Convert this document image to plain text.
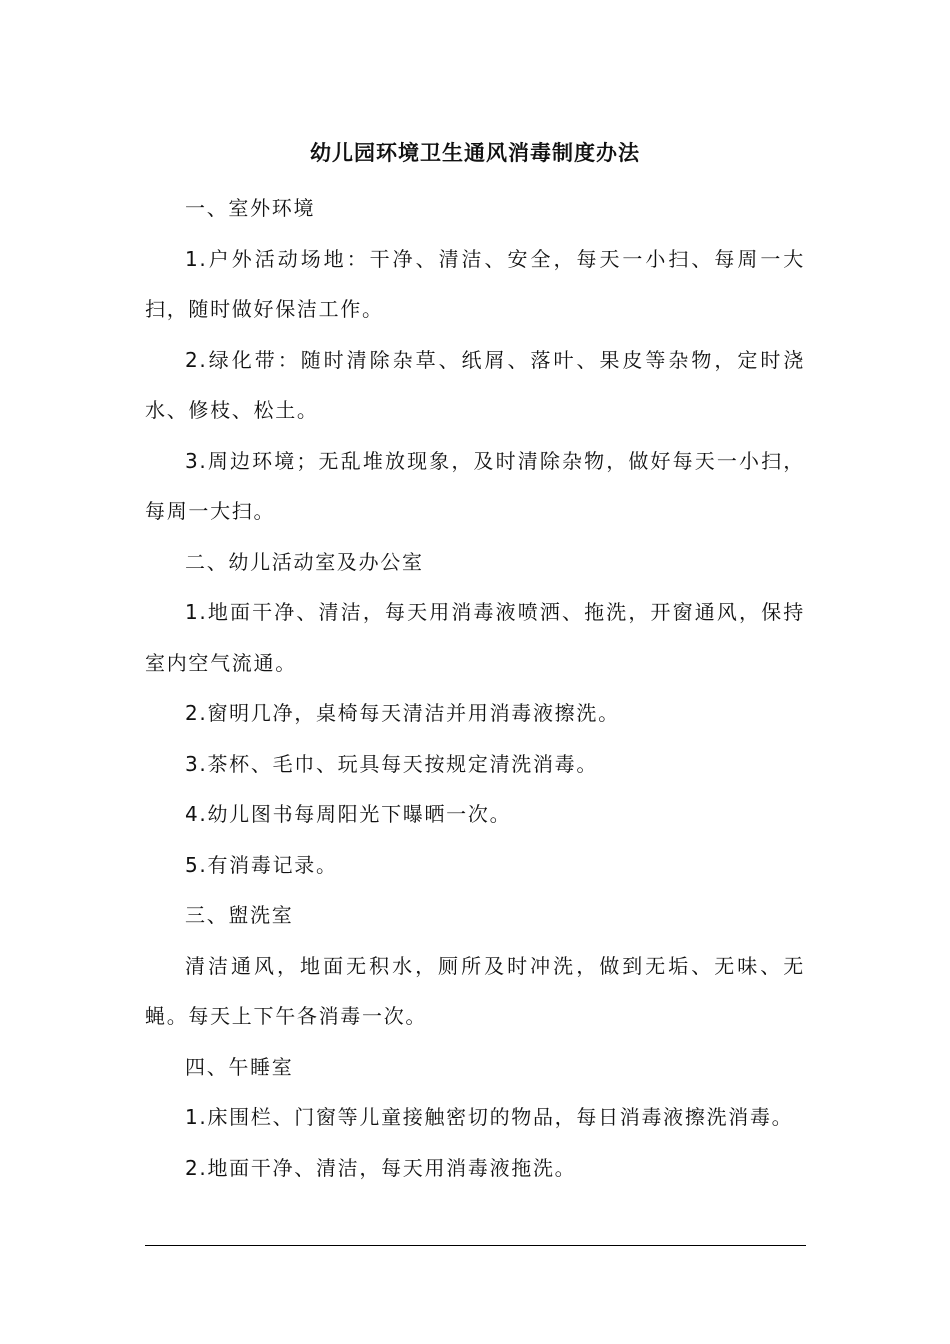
幼儿园环境卫生通风消毒制度办法

一、室外环境

1.户外活动场地：干净、清洁、安全，每天一小扫、每周一大扫，随时做好保洁工作。

2.绿化带：随时清除杂草、纸屑、落叶、果皮等杂物，定时浇水、修枝、松土。

3.周边环境；无乱堆放现象，及时清除杂物，做好每天一小扫，每周一大扫。

二、幼儿活动室及办公室

1.地面干净、清洁，每天用消毒液喷洒、拖洗，开窗通风，保持室内空气流通。

2.窗明几净，桌椅每天清洁并用消毒液擦洗。

3.茶杯、毛巾、玩具每天按规定清洗消毒。

4.幼儿图书每周阳光下曝晒一次。

5.有消毒记录。

三、盥洗室

清洁通风，地面无积水，厕所及时冲洗，做到无垢、无味、无蝇。每天上下午各消毒一次。

四、午睡室

1.床围栏、门窗等儿童接触密切的物品，每日消毒液擦洗消毒。

2.地面干净、清洁，每天用消毒液拖洗。
